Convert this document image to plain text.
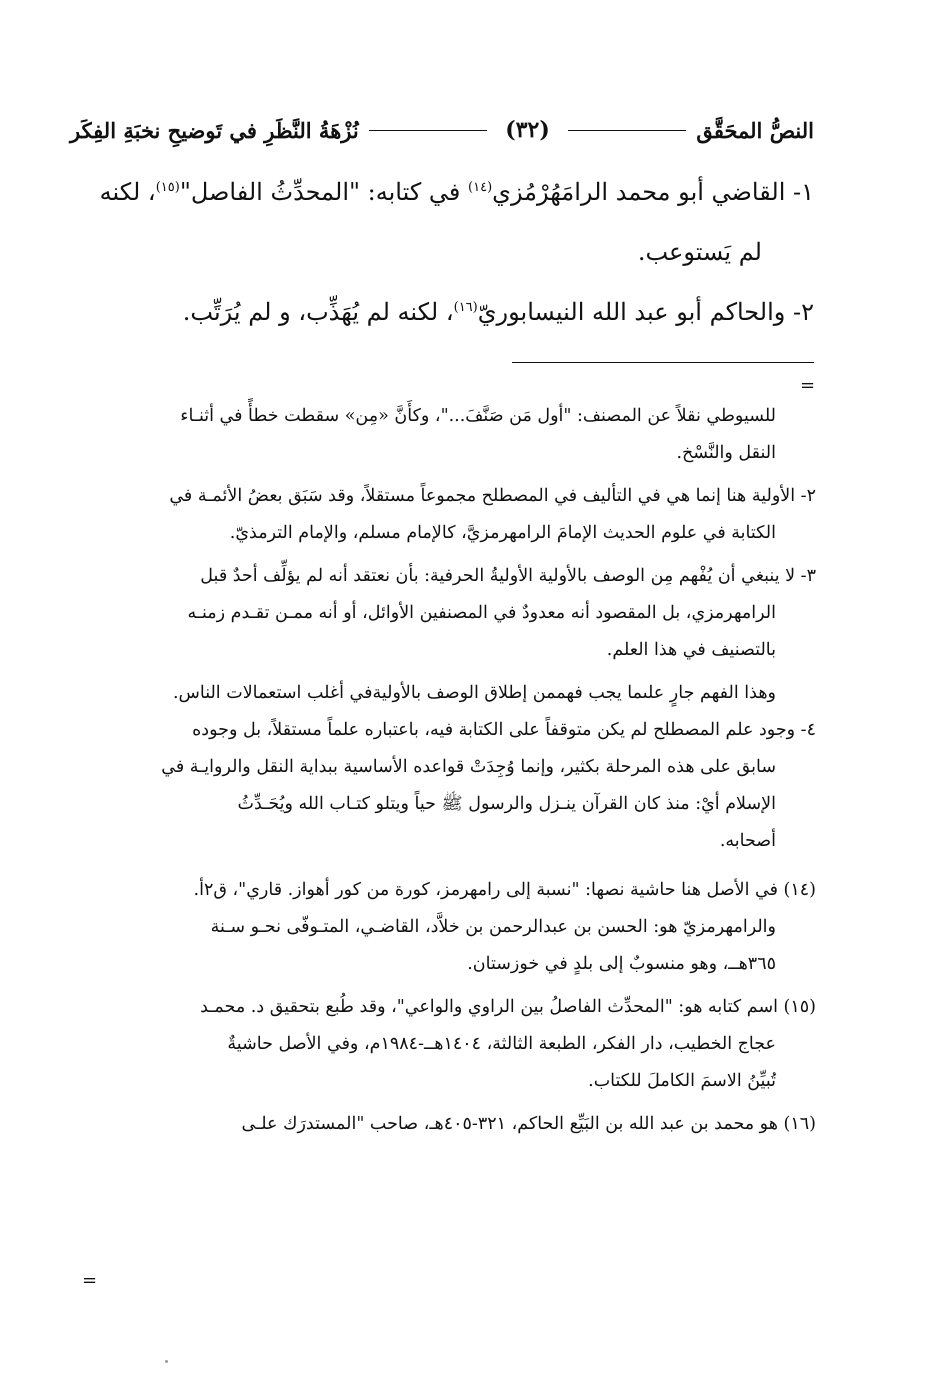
النصُّ المحَقَّق
(٣٢)
نُزْهَةُ النَّظَرِ في تَوضيحِ نخبَةِ الفِكَر

١- القاضي أبو محمد الرامَهُرْمُزي$^{(١٤)}$ في كتابه: "المحدِّثُ الفاصل"$^{(١٥)}$، لكنه

لم يَستوعب.

٢- والحاكم أبو عبد الله النيسابوريّ$^{(١٦)}$، لكنه لم يُهَذِّب، و لم يُرَتِّب.

=

للسيوطي نقلاً عن المصنف: "أول مَن صَنَّفَ..."، وكأَنَّ «مِن» سقطت خطأً في أثنـاء

النقل والنَّسْخ.

٢- الأولية هنا إنما هي في التأليف في المصطلح مجموعاً مستقلاً، وقد سَبَق بعضُ الأئمـة في

الكتابة في علوم الحديث الإمامَ الرامهرمزيَّ، كالإمام مسلم، والإمام الترمذيّ.

٣- لا ينبغي أن يُفْهم مِن الوصف بالأولية الأوليةُ الحرفية: بأن نعتقد أنه لم يؤلِّف أحدٌ قبل

الرامهرمزي، بل المقصود أنه معدودٌ في المصنفين الأوائل، أو أنه ممـن تقـدم زمنـه

بالتصنيف في هذا العلم.

وهذا الفهم جارٍ علىما يجب فهممن إطلاق الوصف بالأوليةفي أغلب استعمالات الناس.

٤- وجود علم المصطلح لم يكن متوقفاً على الكتابة فيه، باعتباره علماً مستقلاً، بل وجوده

سابق على هذه المرحلة بكثير، وإنما وُجِدَتْ قواعده الأساسية ببداية النقل والروايـة في

الإسلام أيْ: منذ كان القرآن ينـزل والرسول ﷺ حياً ويتلو كتـاب الله ويُحَـدِّثُ

أصحابه.

(١٤) في الأصل هنا حاشية نصها: "نسبة إلى رامهرمز، كورة من كور أهواز. قاري"، ق٢أ.

والرامهرمزيّ هو: الحسن بن عبدالرحمن بن خلاَّد، القاضـي، المتـوفّى نحـو سـنة

٣٦٥هــ، وهو منسوبٌ إلى بلدٍ في خوزستان.

(١٥) اسم كتابه هو: "المحدِّث الفاصلُ بين الراوي والواعي"، وقد طُبع بتحقيق د. محمـد

عجاج الخطيب، دار الفكر، الطبعة الثالثة، ١٤٠٤هــ-١٩٨٤م، وفي الأصل حاشيةٌ

تُبيِّنُ الاسمَ الكاملَ للكتاب.

(١٦) هو محمد بن عبد الله بن البَيِّع الحاكم، ٣٢١-٤٠٥هـ، صاحب "المستدرَك علـى

=
